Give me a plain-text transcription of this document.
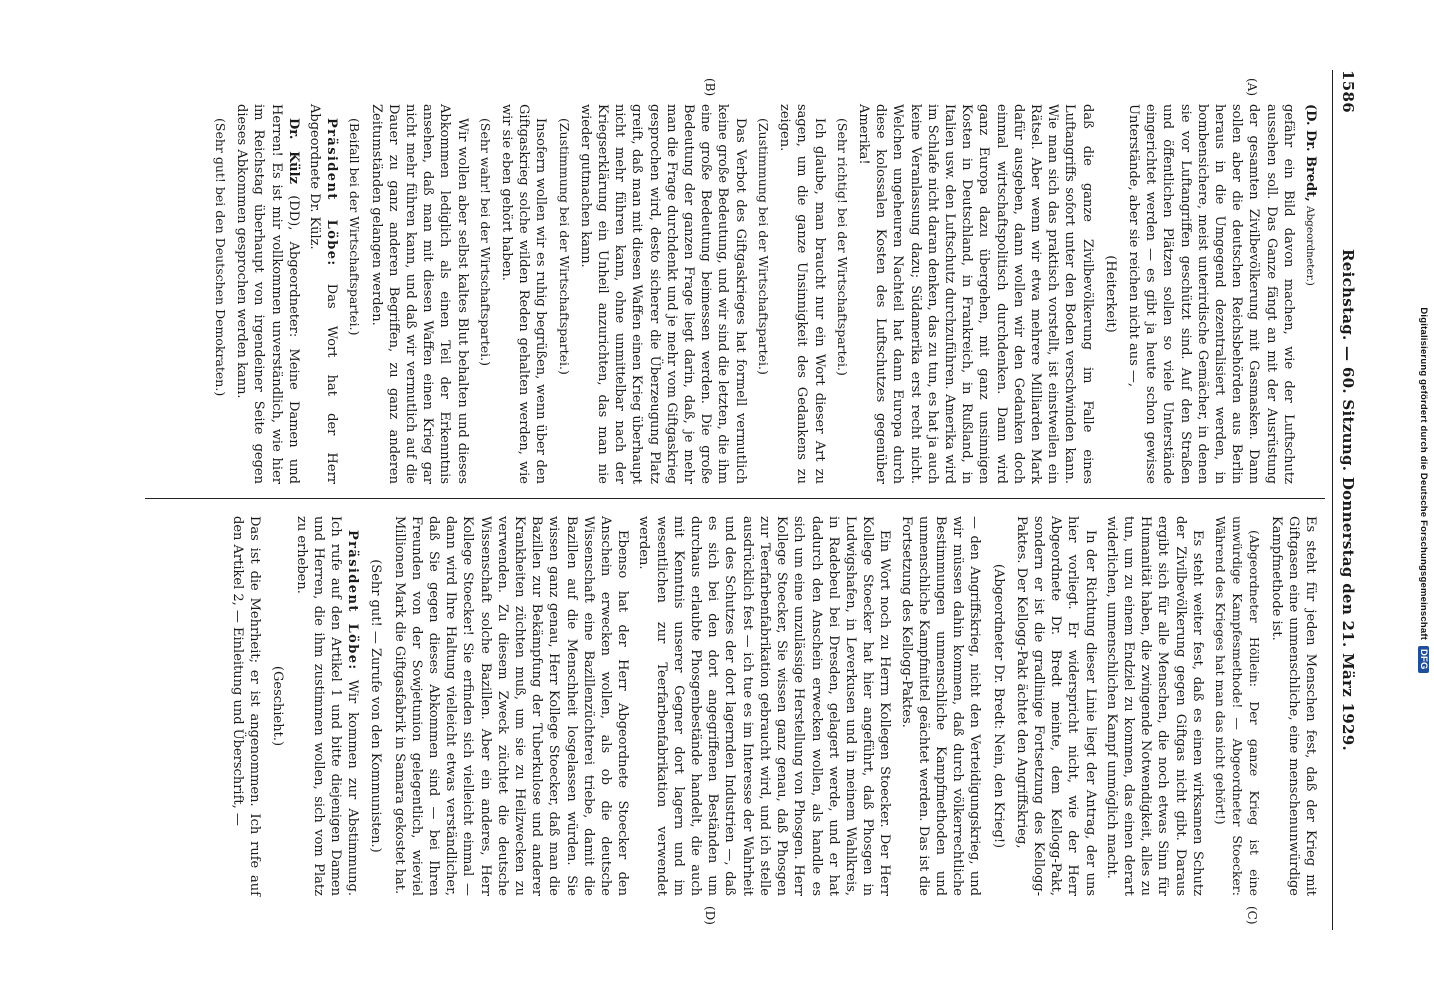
Digitalisierung gefördert durch die Deutsche Forschungsgemeinschaft DFG
1586
Reichstag. — 60. Sitzung. Donnerstag den 21. März 1929.
(A)
(B)
(C)
(D)

(D. Dr. Bredt, Abgeordneter.)

gefähr ein Bild davon machen, wie der Luftschutz aussehen soll. Das Ganze fängt an mit der Ausrüstung der gesamten Zivilbevölkerung mit Gasmasken. Dann sollen aber die deutschen Reichsbehörden aus Berlin heraus in die Umgegend dezentralisiert werden, in bombensichere, meist unterirdische Gemächer, in denen sie vor Luftangriffen geschützt sind. Auf den Straßen und öffentlichen Plätzen sollen so viele Unterstände eingerichtet werden — es gibt ja heute schon gewisse Unterstände, aber sie reichen nicht aus —,

(Heiterkeit)

daß die ganze Zivilbevölkerung im Falle eines Luftangriffs sofort unter den Boden verschwinden kann. Wie man sich das praktisch vorstellt, ist einstweilen ein Rätsel. Aber wenn wir etwa mehrere Milliarden Mark dafür ausgeben, dann wollen wir den Gedanken doch einmal wirtschaftspolitisch durchdenken. Dann wird ganz Europa dazu übergehen, mit ganz unsinnigen Kosten in Deutschland, in Frankreich, in Rußland, in Italien usw. den Luftschutz durchzuführen. Amerika wird im Schlafe nicht daran denken, das zu tun, es hat ja auch keine Veranlassung dazu; Südamerika erst recht nicht. Welchen ungeheuren Nachteil hat dann Europa durch diese kolossalen Kosten des Luftschutzes gegenüber Amerika!

(Sehr richtig! bei der Wirtschaftspartei.)

Ich glaube, man braucht nur ein Wort dieser Art zu sagen, um die ganze Unsinnigkeit des Gedankens zu zeigen.

(Zustimmung bei der Wirtschaftspartei.)

Das Verbot des Giftgaskrieges hat formell vermutlich keine große Bedeutung, und wir sind die letzten, die ihm eine große Bedeutung beimessen werden. Die große Bedeutung der ganzen Frage liegt darin, daß, je mehr man die Frage durchdenkt und je mehr vom Giftgaskrieg gesprochen wird, desto sicherer die Überzeugung Platz greift, daß man mit diesen Waffen einen Krieg überhaupt nicht mehr führen kann, ohne unmittelbar nach der Kriegserklärung ein Unheil anzurichten, das man nie wieder gutmachen kann.

(Zustimmung bei der Wirtschaftspartei.)

Insofern wollen wir es ruhig begrüßen, wenn über den Giftgaskrieg solche wilden Reden gehalten werden, wie wir sie eben gehört haben.

(Sehr wahr! bei der Wirtschaftspartei.)

Wir wollen aber selbst kaltes Blut behalten und dieses Abkommen lediglich als einen Teil der Erkenntnis ansehen, daß man mit diesen Waffen einen Krieg gar nicht mehr führen kann, und daß wir vermutlich auf die Dauer zu ganz anderen Begriffen, zu ganz anderen Zeitumständen gelangen werden.

(Beifall bei der Wirtschaftspartei.)

Präsident Löbe: Das Wort hat der Herr Abgeordnete Dr. Külz.

Dr. Külz (DD), Abgeordneter: Meine Damen und Herren! Es ist mir vollkommen unverständlich, wie hier im Reichstag überhaupt von irgendeiner Seite gegen dieses Abkommen gesprochen werden kann.

(Sehr gut! bei den Deutschen Demokraten.)

Es steht für jeden Menschen fest, daß der Krieg mit Giftgasen eine unmenschliche, eine menschenunwürdige Kampfmethode ist.

(Abgeordneter Höllein: Der ganze Krieg ist eine unwürdige Kampfesmethode! — Abgeordneter Stoecker: Während des Krieges hat man das nicht gehört!)

Es steht weiter fest, daß es einen wirksamen Schutz der Zivilbevölkerung gegen Giftgas nicht gibt. Daraus ergibt sich für alle Menschen, die noch etwas Sinn für Humanität haben, die zwingende Notwendigkeit, alles zu tun, um zu einem Endziel zu kommen, das einen derart widerlichen, unmenschlichen Kampf unmöglich macht.

In der Richtung dieser Linie liegt der Antrag, der uns hier vorliegt. Er widerspricht nicht, wie der Herr Abgeordnete Dr. Bredt meinte, dem Kellogg-Pakt, sondern er ist die gradlinige Fortsetzung des Kellogg-Paktes. Der Kellogg-Pakt ächtet den Angriffskrieg,

(Abgeordneter Dr. Bredt: Nein, den Krieg!)

— den Angriffskrieg, nicht den Verteidigungskrieg, und wir müssen dahin kommen, daß durch völkerrechtliche Bestimmungen unmenschliche Kampfmethoden und unmenschliche Kampfmittel geächtet werden. Das ist die Fortsetzung des Kellogg-Paktes.

Ein Wort noch zu Herrn Kollegen Stoecker. Der Herr Kollege Stoecker hat hier angeführt, daß Phosgen in Ludwigshafen, in Leverkusen und in meinem Wahlkreis, in Radebeul bei Dresden, gelagert werde, und er hat dadurch den Anschein erwecken wollen, als handle es sich um eine unzulässige Herstellung von Phosgen. Herr Kollege Stoecker, Sie wissen ganz genau, daß Phosgen zur Teerfarbenfabrikation gebraucht wird, und ich stelle ausdrücklich fest — ich tue es im Interesse der Wahrheit und des Schutzes der dort lagernden Industrien —, daß es sich bei den dort angegriffenen Beständen um durchaus erlaubte Phosgenbestände handelt, die auch mit Kenntnis unserer Gegner dort lagern und im wesentlichen zur Teerfarbenfabrikation verwendet werden.

Ebenso hat der Herr Abgeordnete Stoecker den Anschein erwecken wollen, als ob die deutsche Wissenschaft eine Bazillenzüchterei triebe, damit die Bazillen auf die Menschheit losgelassen würden. Sie wissen ganz genau, Herr Kollege Stoecker, daß man die Bazillen zur Bekämpfung der Tuberkulose und anderer Krankheiten züchten muß, um sie zu Heilzwecken zu verwenden. Zu diesem Zweck züchtet die deutsche Wissenschaft solche Bazillen. Aber ein anderes, Herr Kollege Stoecker! Sie erfinden sich vielleicht einmal — dann wird Ihre Haltung vielleicht etwas verständlicher, daß Sie gegen dieses Abkommen sind — bei Ihren Freunden von der Sowjetunion gelegentlich, wieviel Millionen Mark die Giftgasfabrik in Samara gekostet hat.

(Sehr gut! — Zurufe von den Kommunisten.)

Präsident Löbe: Wir kommen zur Abstimmung. Ich rufe auf den Artikel 1 und bitte diejenigen Damen und Herren, die ihm zustimmen wollen, sich vom Platz zu erheben.

(Geschieht.)

Das ist die Mehrheit; er ist angenommen. Ich rufe auf den Artikel 2, — Einleitung und Überschrift, —
